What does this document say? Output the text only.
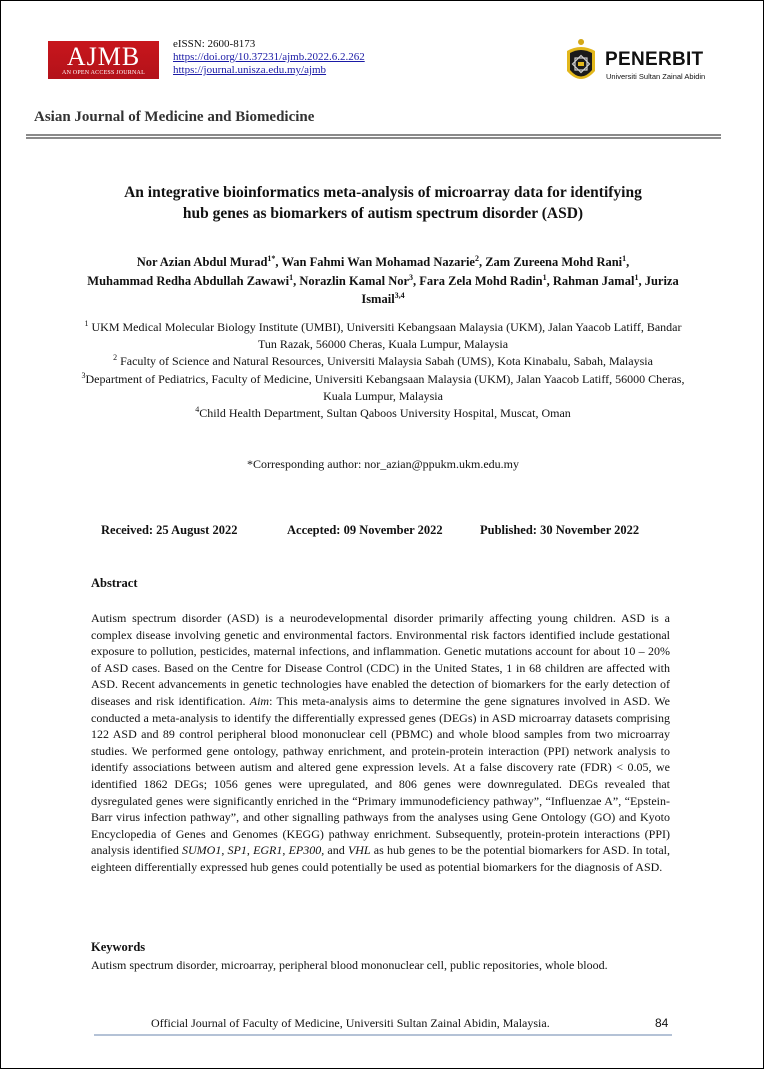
AJMB
AN OPEN ACCESS JOURNAL
eISSN: 2600-8173
https://doi.org/10.37231/ajmb.2022.6.2.262
https://journal.unisza.edu.my/ajmb	PENERBIT
Universiti Sultan Zainal Abidin
Asian Journal of Medicine and Biomedicine
An integrative bioinformatics meta-analysis of microarray data for identifying
hub genes as biomarkers of autism spectrum disorder (ASD)
Nor Azian Abdul Murad$^{1*}$, Wan Fahmi Wan Mohamad Nazarie$^2$, Zam Zureena Mohd Rani$^1$,
Muhammad Redha Abdullah Zawawi$^1$, Norazlin Kamal Nor$^3$, Fara Zela Mohd Radin$^1$, Rahman Jamal$^1$, Juriza Ismail$^{3,4}$
$^1$ UKM Medical Molecular Biology Institute (UMBI), Universiti Kebangsaan Malaysia (UKM), Jalan Yaacob Latiff, Bandar Tun Razak, 56000 Cheras, Kuala Lumpur, Malaysia
$^2$ Faculty of Science and Natural Resources, Universiti Malaysia Sabah (UMS), Kota Kinabalu, Sabah, Malaysia
$^3$Department of Pediatrics, Faculty of Medicine, Universiti Kebangsaan Malaysia (UKM), Jalan Yaacob Latiff, 56000 Cheras, Kuala Lumpur, Malaysia
$^4$Child Health Department, Sultan Qaboos University Hospital, Muscat, Oman
*Corresponding author: nor_azian@ppukm.ukm.edu.my
Received: 25 August 2022	Accepted: 09 November 2022	Published: 30 November 2022
Abstract
Autism spectrum disorder (ASD) is a neurodevelopmental disorder primarily affecting young children. ASD is a complex disease involving genetic and environmental factors. Environmental risk factors identified include gestational exposure to pollution, pesticides, maternal infections, and inflammation. Genetic mutations account for about 10 – 20% of ASD cases. Based on the Centre for Disease Control (CDC) in the United States, 1 in 68 children are affected with ASD. Recent advancements in genetic technologies have enabled the detection of biomarkers for the early detection of diseases and risk identification. Aim: This meta-analysis aims to determine the gene signatures involved in ASD. We conducted a meta-analysis to identify the differentially expressed genes (DEGs) in ASD microarray datasets comprising 122 ASD and 89 control peripheral blood mononuclear cell (PBMC) and whole blood samples from two microarray studies. We performed gene ontology, pathway enrichment, and protein-protein interaction (PPI) network analysis to identify associations between autism and altered gene expression levels. At a false discovery rate (FDR) < 0.05, we identified 1862 DEGs; 1056 genes were upregulated, and 806 genes were downregulated. DEGs revealed that dysregulated genes were significantly enriched in the “Primary immunodeficiency pathway”, “Influenzae A”, “Epstein-Barr virus infection pathway”, and other signalling pathways from the analyses using Gene Ontology (GO) and Kyoto Encyclopedia of Genes and Genomes (KEGG) pathway enrichment. Subsequently, protein-protein interactions (PPI) analysis identified SUMO1, SP1, EGR1, EP300, and VHL as hub genes to be the potential biomarkers for ASD. In total, eighteen differentially expressed hub genes could potentially be used as potential biomarkers for the diagnosis of ASD.
Keywords
Autism spectrum disorder, microarray, peripheral blood mononuclear cell, public repositories, whole blood.
Official Journal of Faculty of Medicine, Universiti Sultan Zainal Abidin, Malaysia.	84
